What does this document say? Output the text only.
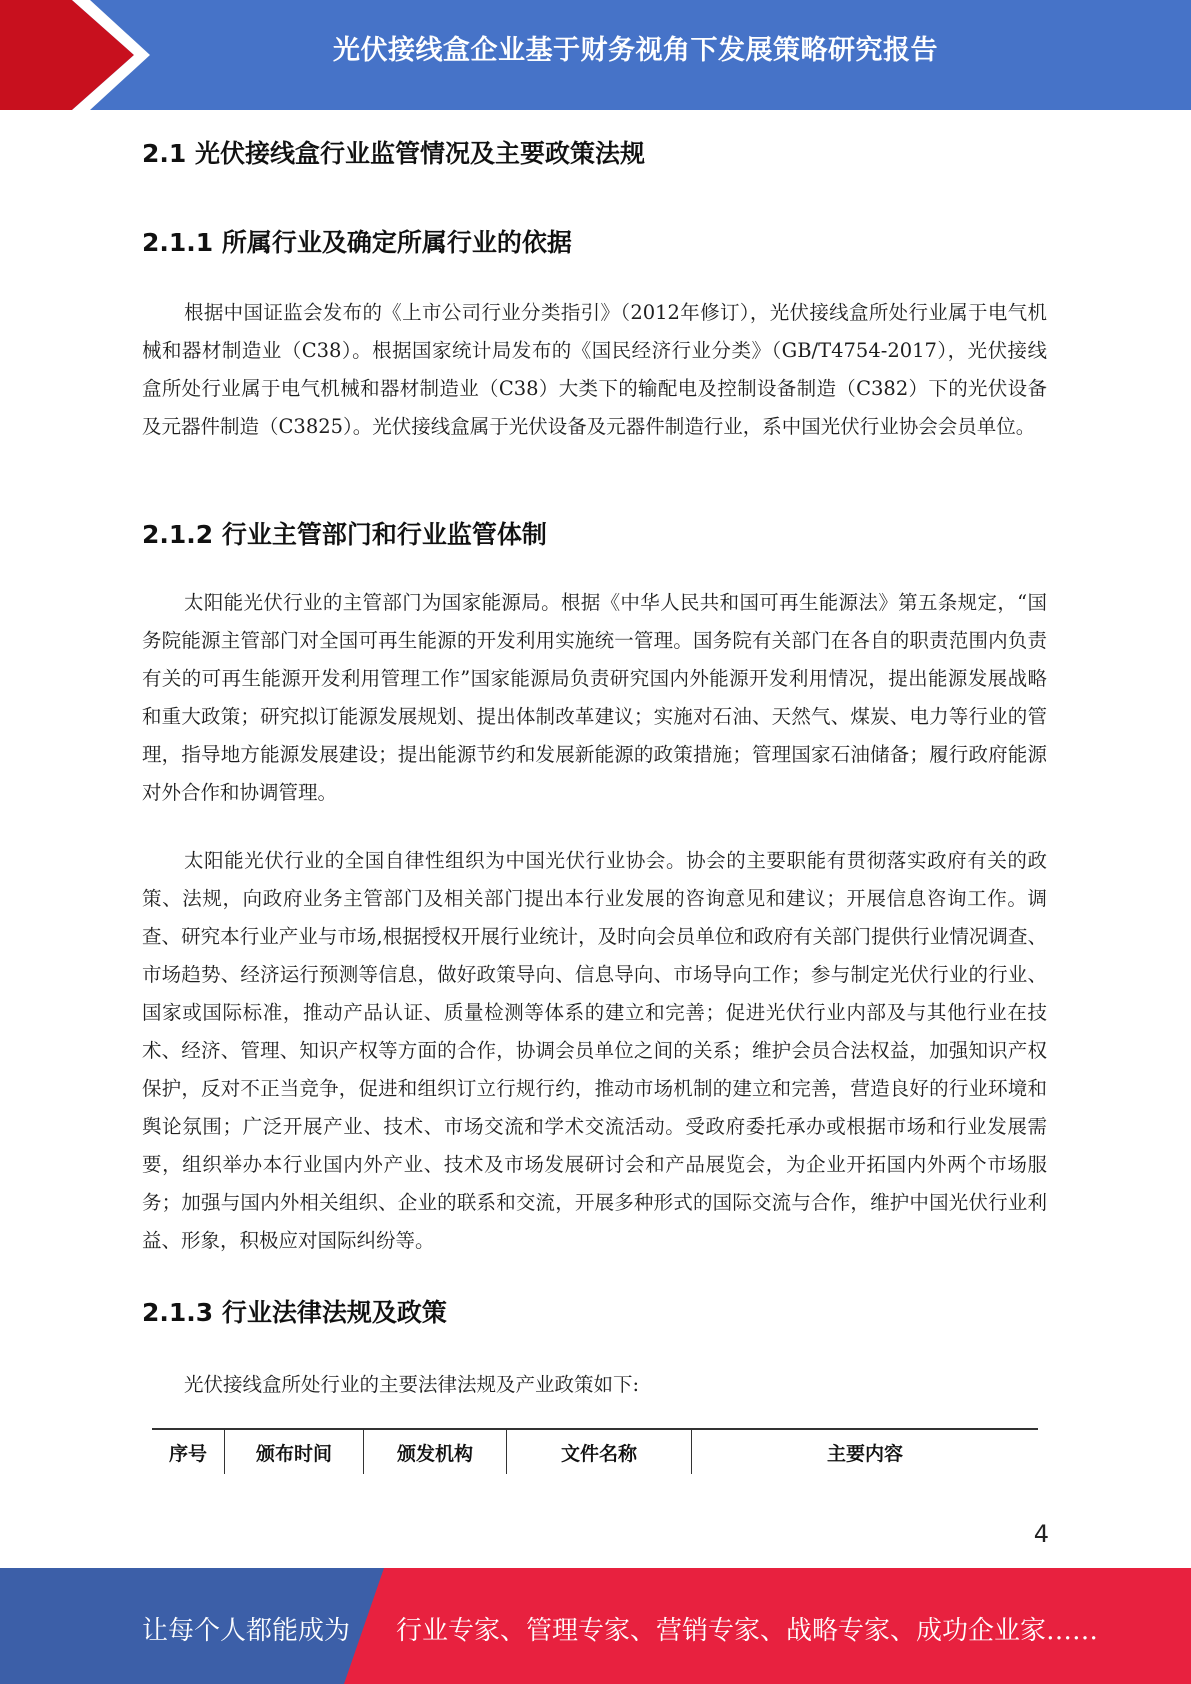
光伏接线盒企业基于财务视角下发展策略研究报告
2.1 光伏接线盒行业监管情况及主要政策法规
2.1.1 所属行业及确定所属行业的依据

根据中国证监会发布的《上市公司行业分类指引》（2012年修订），光伏接线盒所处行业属于电气机械和器材制造业（C38）。根据国家统计局发布的《国民经济行业分类》（GB/T4754-2017），光伏接线盒所处行业属于电气机械和器材制造业（C38）大类下的输配电及控制设备制造（C382）下的光伏设备及元器件制造（C3825）。光伏接线盒属于光伏设备及元器件制造行业，系中国光伏行业协会会员单位。

2.1.2 行业主管部门和行业监管体制

太阳能光伏行业的主管部门为国家能源局。根据《中华人民共和国可再生能源法》第五条规定，“国务院能源主管部门对全国可再生能源的开发利用实施统一管理。国务院有关部门在各自的职责范围内负责有关的可再生能源开发利用管理工作”国家能源局负责研究国内外能源开发利用情况，提出能源发展战略和重大政策；研究拟订能源发展规划、提出体制改革建议；实施对石油、天然气、煤炭、电力等行业的管理，指导地方能源发展建设；提出能源节约和发展新能源的政策措施；管理国家石油储备；履行政府能源对外合作和协调管理。

太阳能光伏行业的全国自律性组织为中国光伏行业协会。协会的主要职能有贯彻落实政府有关的政策、法规，向政府业务主管部门及相关部门提出本行业发展的咨询意见和建议；开展信息咨询工作。调查、研究本行业产业与市场,根据授权开展行业统计，及时向会员单位和政府有关部门提供行业情况调查、市场趋势、经济运行预测等信息，做好政策导向、信息导向、市场导向工作；参与制定光伏行业的行业、国家或国际标准，推动产品认证、质量检测等体系的建立和完善；促进光伏行业内部及与其他行业在技术、经济、管理、知识产权等方面的合作，协调会员单位之间的关系；维护会员合法权益，加强知识产权保护，反对不正当竞争，促进和组织订立行规行约，推动市场机制的建立和完善，营造良好的行业环境和舆论氛围；广泛开展产业、技术、市场交流和学术交流活动。受政府委托承办或根据市场和行业发展需要，组织举办本行业国内外产业、技术及市场发展研讨会和产品展览会，为企业开拓国内外两个市场服务；加强与国内外相关组织、企业的联系和交流，开展多种形式的国际交流与合作，维护中国光伏行业利益、形象，积极应对国际纠纷等。

2.1.3 行业法律法规及政策

光伏接线盒所处行业的主要法律法规及产业政策如下:

序号	颁布时间	颁发机构	文件名称	主要内容
4
让每个人都能成为 行业专家、管理专家、营销专家、战略专家、成功企业家……
